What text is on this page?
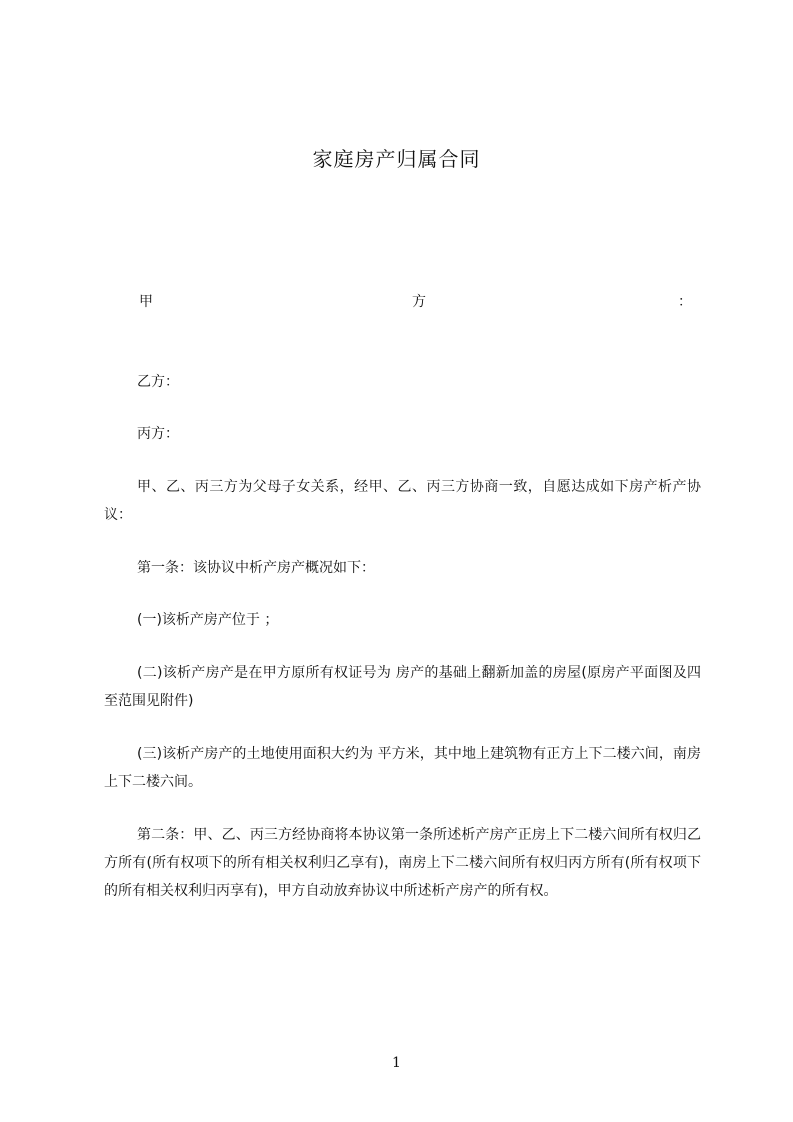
家庭房产归属合同
甲	方	：
乙方：
丙方：

甲、乙、丙三方为父母子女关系，经甲、乙、丙三方协商一致，自愿达成如下房产析产协议：

第一条：该协议中析产房产概况如下：
(一)该析产房产位于 ；

(二)该析产房产是在甲方原所有权证号为 房产的基础上翻新加盖的房屋(原房产平面图及四至范围见附件)

(三)该析产房产的土地使用面积大约为 平方米，其中地上建筑物有正方上下二楼六间，南房上下二楼六间。

第二条：甲、乙、丙三方经协商将本协议第一条所述析产房产正房上下二楼六间所有权归乙方所有(所有权项下的所有相关权利归乙享有)，南房上下二楼六间所有权归丙方所有(所有权项下的所有相关权利归丙享有)，甲方自动放弃协议中所述析产房产的所有权。

1
